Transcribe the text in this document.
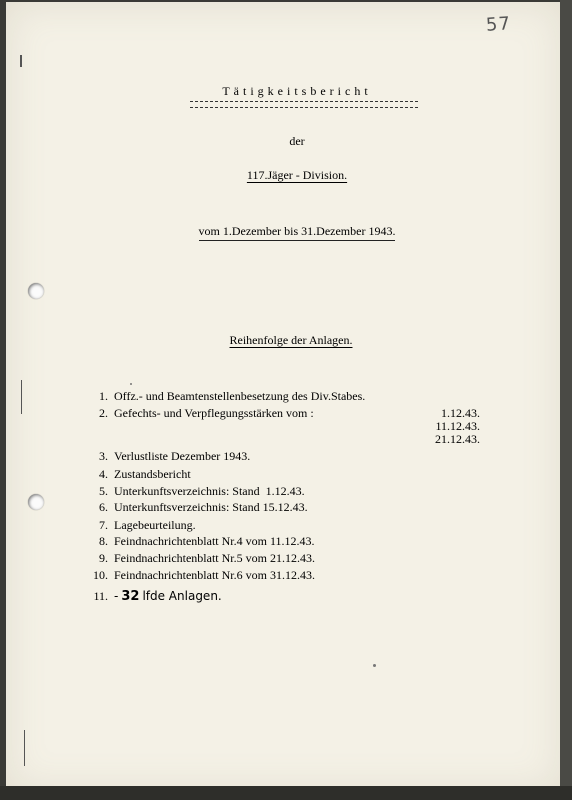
57
Tätigkeitsbericht
der
117.Jäger - Division.
vom 1.Dezember bis 31.Dezember 1943.
Reihenfolge der Anlagen.
1. Offz.- und Beamtenstellenbesetzung des Div.Stabes.
2. Gefechts- und Verpflegungsstärken vom :	1.12.43.
11.12.43.
21.12.43.
3. Verlustliste Dezember 1943.
4. Zustandsbericht
5. Unterkunftsverzeichnis: Stand  1.12.43.
6. Unterkunftsverzeichnis: Stand 15.12.43.
7. Lagebeurteilung.
8. Feindnachrichtenblatt Nr.4 vom 11.12.43.
9. Feindnachrichtenblatt Nr.5 vom 21.12.43.
10. Feindnachrichtenblatt Nr.6 vom 31.12.43.
11. - 32 lfde Anlagen.
